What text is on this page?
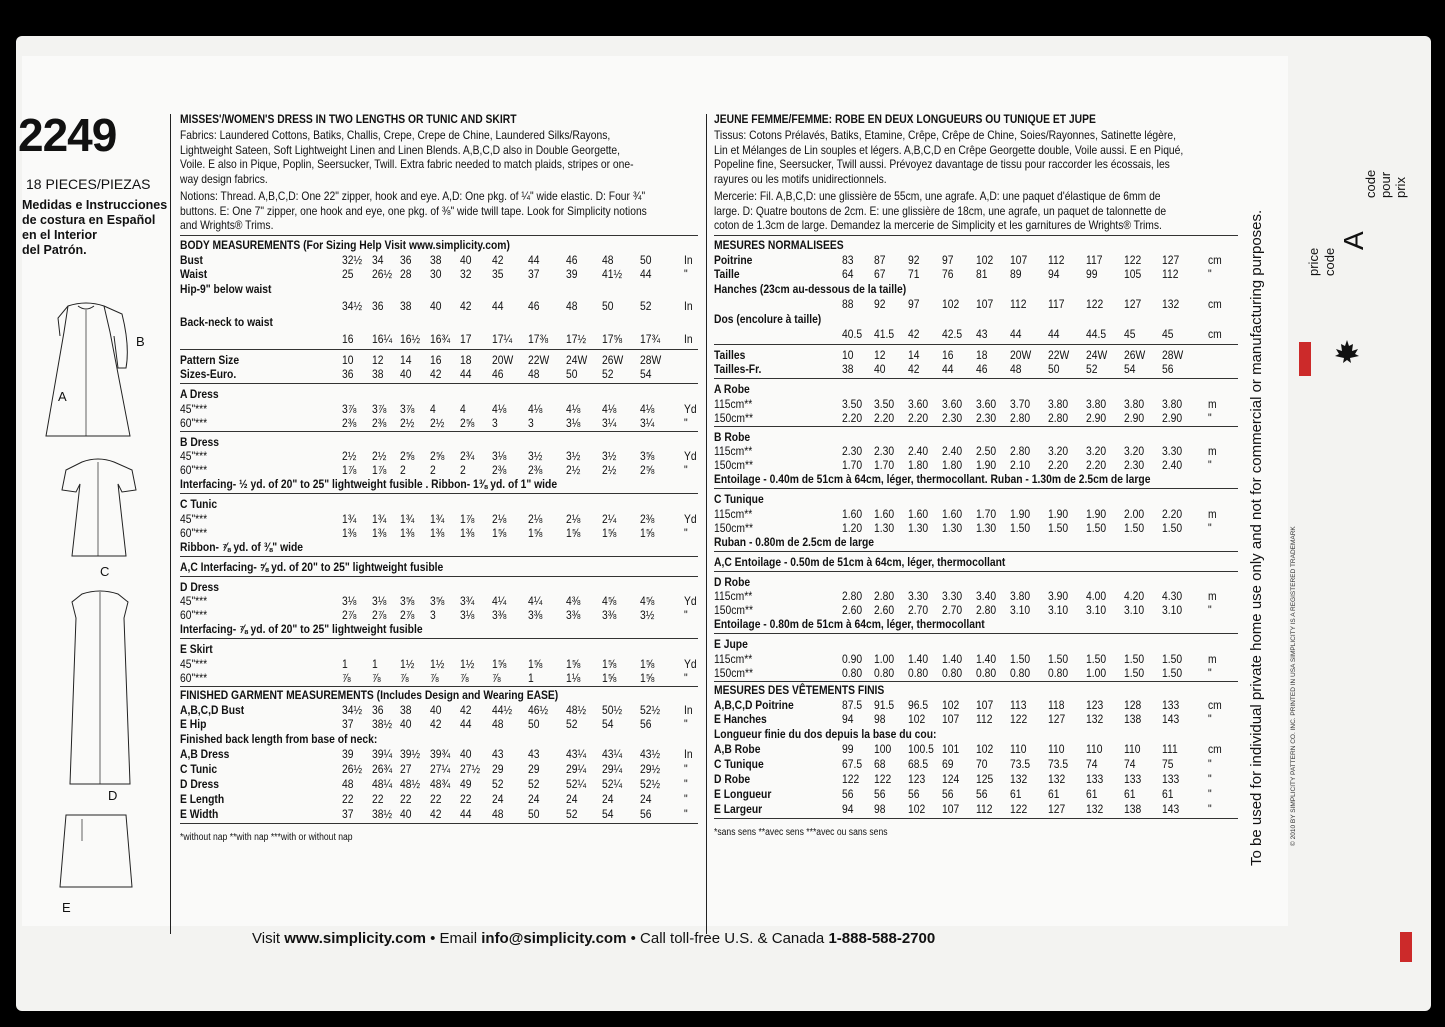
2249
18 PIECES/PIEZAS
Medidas e Instrucciones
de costura en Español
en el Interior
del Patrón.
B
A
C
D
E
MISSES'/WOMEN'S DRESS IN TWO LENGTHS OR TUNIC AND SKIRT
Fabrics: Laundered Cottons, Batiks, Challis, Crepe, Crepe de Chine, Laundered Silks/Rayons,
Lightweight Sateen, Soft Lightweight Linen and Linen Blends. A,B,C,D also in Double Georgette,
Voile. E also in Pique, Poplin, Seersucker, Twill. Extra fabric needed to match plaids, stripes or one-
way design fabrics.
Notions: Thread. A,B,C,D: One 22" zipper, hook and eye. A,D: One pkg. of ¼" wide elastic. D: Four ¾"
buttons. E: One 7" zipper, one hook and eye, one pkg. of ⅜" wide twill tape. Look for Simplicity notions
and Wrights® Trims.
BODY MEASUREMENTS (For Sizing Help Visit www.simplicity.com)
Bust	32½ 34 36 38 40 42 44 46 48 50	In
Waist	25 26½ 28 30 32 35 37 39 41½ 44	"
Hip-9" below waist
34½ 36 38 40 42 44 46 48 50 52	In
Back-neck to waist
16 16¼ 16½ 16¾ 17 17¼ 17⅜ 17½ 17⅝ 17¾ In
Pattern Size	10 12 14 16 18 20W 22W 24W 26W 28W
Sizes-Euro.	36 38 40 42 44 46 48 50 52 54
A Dress
45"***	3⅞ 3⅞ 3⅞ 4 4 4⅛ 4⅛ 4⅛ 4⅛ 4⅛ Yd
60"***	2⅜ 2⅜ 2½ 2½ 2⅝ 3	3	3⅛ 3¼ 3¼ "
B Dress
45"***	2½ 2½ 2⅝ 2⅝ 2¾ 3⅛ 3½ 3½ 3½ 3⅝ Yd
60"***	1⅞ 1⅞ 2 2 2 2⅜ 2⅜ 2½ 2½ 2⅝ "
Interfacing- ½ yd. of 20" to 25" lightweight fusible . Ribbon- 1⅜ yd. of 1" wide
C Tunic
45"***	1¾ 1¾ 1¾ 1¾ 1⅞ 2⅛ 2⅛ 2⅛ 2¼ 2⅜ Yd
60"***	1⅜ 1⅜ 1⅜ 1⅜ 1⅜ 1⅝ 1⅝ 1⅝ 1⅝ 1⅝ "
Ribbon- ⅞ yd. of ⅜" wide
A,C Interfacing- ⅝ yd. of 20" to 25" lightweight fusible
D Dress
45"***	3⅛ 3⅛ 3⅝ 3⅝ 3¾ 4¼ 4¼ 4⅜ 4⅝ 4⅝ Yd
60"***	2⅞ 2⅞ 2⅞ 3 3⅛ 3⅜ 3⅜ 3⅜ 3⅜ 3½ "
Interfacing- ⅞ yd. of 20" to 25" lightweight fusible
E Skirt
45"***	1 1 1½ 1½ 1½ 1⅝ 1⅝ 1⅝ 1⅝ 1⅝ Yd
60"***	⅞ ⅞ ⅞ ⅞ ⅞ ⅞ 1	1⅛ 1⅝ 1⅝ "
FINISHED GARMENT MEASUREMENTS (Includes Design and Wearing EASE)
A,B,C,D Bust	34½ 36 38 40 42 44½ 46½ 48½ 50½ 52½ In
E Hip	37 38½ 40 42 44 48 50 52 54 56	"
Finished back length from base of neck:
A,B Dress	39 39¼ 39½ 39¾ 40 43 43 43¼ 43¼ 43½ In
C Tunic	26½ 26¾ 27 27¼ 27½ 29 29 29¼ 29¼ 29½ "
D Dress	48 48¼ 48½ 48¾ 49 52 52 52¼ 52¼ 52½ "
E Length	22 22 22 22 22 24 24 24 24 24	"
E Width	37 38½ 40 42 44 48 50 52 54 56	"
*without nap **with nap ***with or without nap
JEUNE FEMME/FEMME: ROBE EN DEUX LONGUEURS OU TUNIQUE ET JUPE
Tissus: Cotons Prélavés, Batiks, Etamine, Crêpe, Crêpe de Chine, Soies/Rayonnes, Satinette légère,
Lin et Mélanges de Lin souples et légers. A,B,C,D en Crêpe Georgette double, Voile aussi. E en Piqué,
Popeline fine, Seersucker, Twill aussi. Prévoyez davantage de tissu pour raccorder les écossais, les
rayures ou les motifs unidirectionnels.
Mercerie: Fil. A,B,C,D: une glissière de 55cm, une agrafe. A,D: une paquet d'élastique de 6mm de
large. D: Quatre boutons de 2cm. E: une glissière de 18cm, une agrafe, un paquet de talonnette de
coton de 1.3cm de large. Demandez la mercerie de Simplicity et les garnitures de Wrights® Trims.
MESURES NORMALISEES
Poitrine	83 87 92 97 102 107 112 117 122 127 cm
Taille	64 67 71 76 81 89 94 99 105 112 "
Hanches (23cm au-dessous de la taille)
88 92 97 102 107 112 117 122 127 132 cm
Dos (encolure à taille)
40.5 41.5 42 42.5 43 44 44 44.5 45 45	cm
Tailles	10 12 14 16 18 20W 22W 24W 26W 28W
Tailles-Fr.	38 40 42 44 46 48 50 52 54 56
A Robe
115cm**	3.50 3.50 3.60 3.60 3.60 3.70 3.80 3.80 3.80 3.80 m
150cm**	2.20 2.20 2.20 2.30 2.30 2.80 2.80 2.90 2.90 2.90 "
B Robe
115cm**	2.30 2.30 2.40 2.40 2.50 2.80 3.20 3.20 3.20 3.30 m
150cm**	1.70 1.70 1.80 1.80 1.90 2.10 2.20 2.20 2.30 2.40 "
Entoilage - 0.40m de 51cm à 64cm, léger, thermocollant. Ruban - 1.30m de 2.5cm de large
C Tunique
115cm**	1.60 1.60 1.60 1.60 1.70 1.90 1.90 1.90 2.00 2.20 m
150cm**	1.20 1.30 1.30 1.30 1.30 1.50 1.50 1.50 1.50 1.50 "
Ruban - 0.80m de 2.5cm de large
A,C Entoilage - 0.50m de 51cm à 64cm, léger, thermocollant
D Robe
115cm**	2.80 2.80 3.30 3.30 3.40 3.80 3.90 4.00 4.20 4.30 m
150cm**	2.60 2.60 2.70 2.70 2.80 3.10 3.10 3.10 3.10 3.10 "
Entoilage - 0.80m de 51cm à 64cm, léger, thermocollant
E Jupe
115cm**	0.90 1.00 1.40 1.40 1.40 1.50 1.50 1.50 1.50 1.50 m
150cm**	0.80 0.80 0.80 0.80 0.80 0.80 0.80 1.00 1.50 1.50 "
MESURES DES VÊTEMENTS FINIS
A,B,C,D Poitrine	87.5 91.5 96.5 102 107 113 118 123 128 133 cm
E Hanches	94 98 102 107 112 122 127 132 138 143 "
Longueur finie du dos depuis la base du cou:
A,B Robe	99 100 100.5 101 102 110 110 110 110 111	cm
C Tunique	67.5 68 68.5 69 70 73.5 73.5 74 74 75	"
D Robe	122 122 123 124 125 132 132 133 133 133 "
E Longueur	56 56 56 56 56 61 61 61 61 61	"
E Largeur	94 98 102 107 112 122 127 132 138 143 "
*sans sens **avec sens ***avec ou sans sens
Visit www.simplicity.com • Email info@simplicity.com • Call toll-free U.S. & Canada 1-888-588-2700
To be used for individual private home use only and not for commercial or manufacturing purposes.	© 2010 BY SIMPLICITY PATTERN CO. INC. PRINTED IN USA SIMPLICITY IS A REGISTERED TRADEMARK
price code
A
code pour prix
